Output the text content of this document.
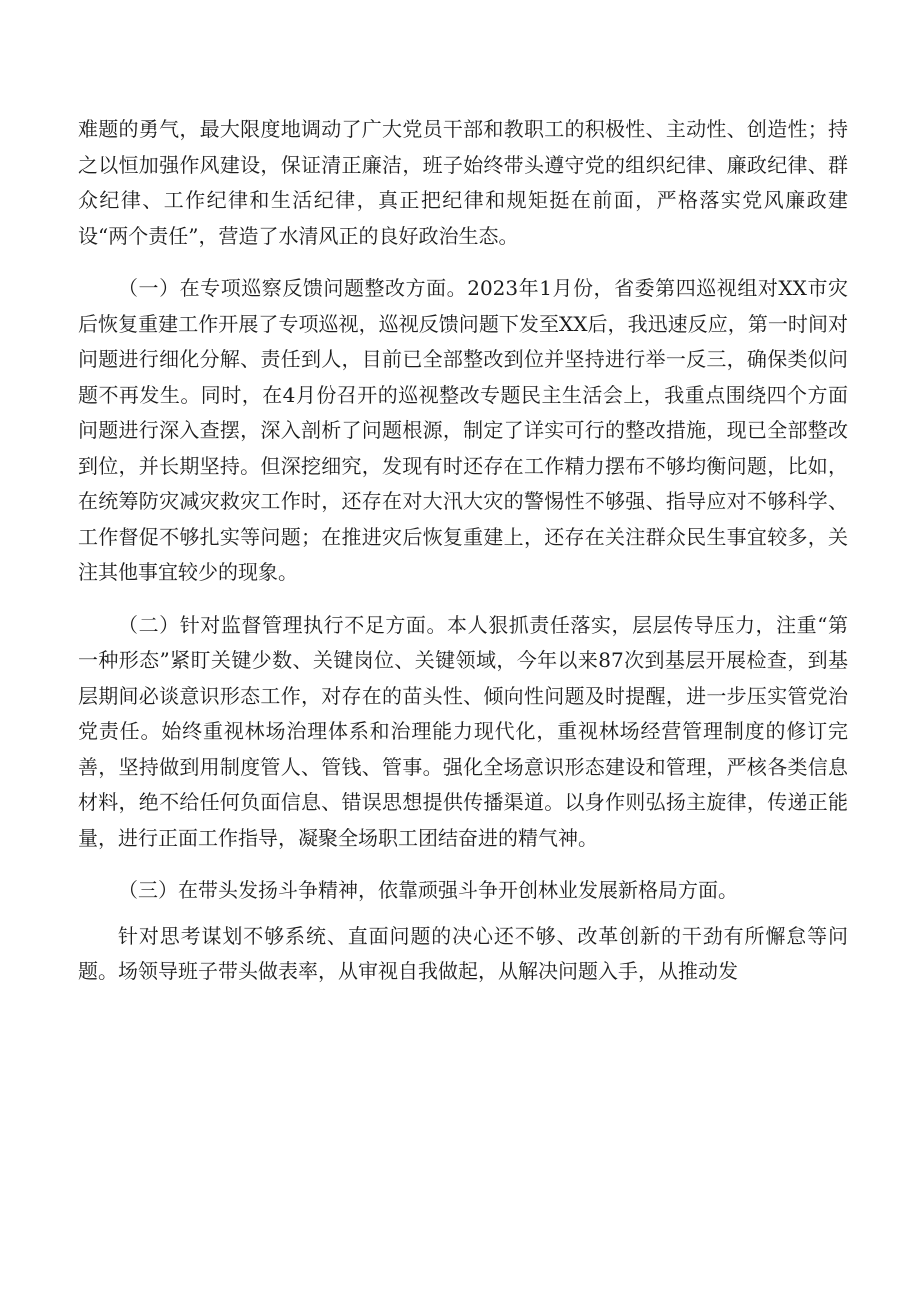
难题的勇气，最大限度地调动了广大党员干部和教职工的积极性、主动性、创造性；持之以恒加强作风建设，保证清正廉洁，班子始终带头遵守党的组织纪律、廉政纪律、群众纪律、工作纪律和生活纪律，真正把纪律和规矩挺在前面，严格落实党风廉政建设“两个责任”，营造了水清风正的良好政治生态。

（一）在专项巡察反馈问题整改方面。2023年1月份，省委第四巡视组对XX市灾后恢复重建工作开展了专项巡视，巡视反馈问题下发至XX后，我迅速反应，第一时间对问题进行细化分解、责任到人，目前已全部整改到位并坚持进行举一反三，确保类似问题不再发生。同时，在4月份召开的巡视整改专题民主生活会上，我重点围绕四个方面问题进行深入查摆，深入剖析了问题根源，制定了详实可行的整改措施，现已全部整改到位，并长期坚持。但深挖细究，发现有时还存在工作精力摆布不够均衡问题，比如，在统筹防灾减灾救灾工作时，还存在对大汛大灾的警惕性不够强、指导应对不够科学、工作督促不够扎实等问题；在推进灾后恢复重建上，还存在关注群众民生事宜较多，关注其他事宜较少的现象。

（二）针对监督管理执行不足方面。本人狠抓责任落实，层层传导压力，注重“第一种形态”紧盯关键少数、关键岗位、关键领域，今年以来87次到基层开展检查，到基层期间必谈意识形态工作，对存在的苗头性、倾向性问题及时提醒，进一步压实管党治党责任。始终重视林场治理体系和治理能力现代化，重视林场经营管理制度的修订完善，坚持做到用制度管人、管钱、管事。强化全场意识形态建设和管理，严核各类信息材料，绝不给任何负面信息、错误思想提供传播渠道。以身作则弘扬主旋律，传递正能量，进行正面工作指导，凝聚全场职工团结奋进的精气神。

（三）在带头发扬斗争精神，依靠顽强斗争开创林业发展新格局方面。

针对思考谋划不够系统、直面问题的决心还不够、改革创新的干劲有所懈怠等问题。场领导班子带头做表率，从审视自我做起，从解决问题入手，从推动发
